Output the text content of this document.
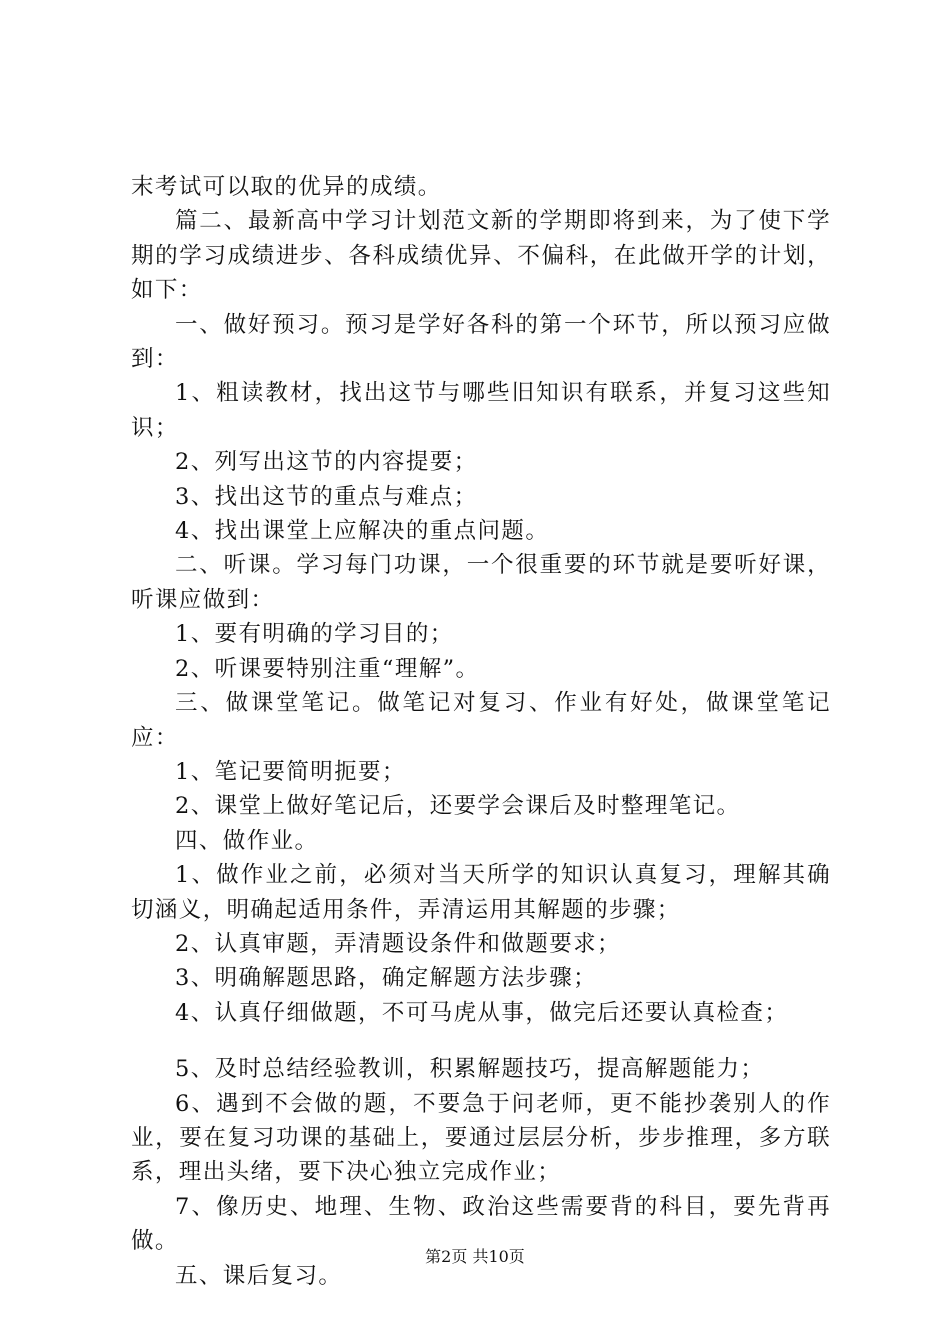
末考试可以取的优异的成绩。

篇二、最新高中学习计划范文新的学期即将到来，为了使下学期的学习成绩进步、各科成绩优异、不偏科，在此做开学的计划，如下：

一、做好预习。预习是学好各科的第一个环节，所以预习应做到：

1、粗读教材，找出这节与哪些旧知识有联系，并复习这些知识；

2、列写出这节的内容提要；

3、找出这节的重点与难点；

4、找出课堂上应解决的重点问题。

二、听课。学习每门功课，一个很重要的环节就是要听好课，听课应做到：

1、要有明确的学习目的；

2、听课要特别注重“理解”。

三、做课堂笔记。做笔记对复习、作业有好处，做课堂笔记应：

1、笔记要简明扼要；

2、课堂上做好笔记后，还要学会课后及时整理笔记。

四、做作业。

1、做作业之前，必须对当天所学的知识认真复习，理解其确切涵义，明确起适用条件，弄清运用其解题的步骤；

2、认真审题，弄清题设条件和做题要求；

3、明确解题思路，确定解题方法步骤；

4、认真仔细做题，不可马虎从事，做完后还要认真检查；

5、及时总结经验教训，积累解题技巧，提高解题能力；

6、遇到不会做的题，不要急于问老师，更不能抄袭别人的作业，要在复习功课的基础上，要通过层层分析，步步推理，多方联系，理出头绪，要下决心独立完成作业；

7、像历史、地理、生物、政治这些需要背的科目，要先背再做。

五、课后复习。

第2页 共10页
